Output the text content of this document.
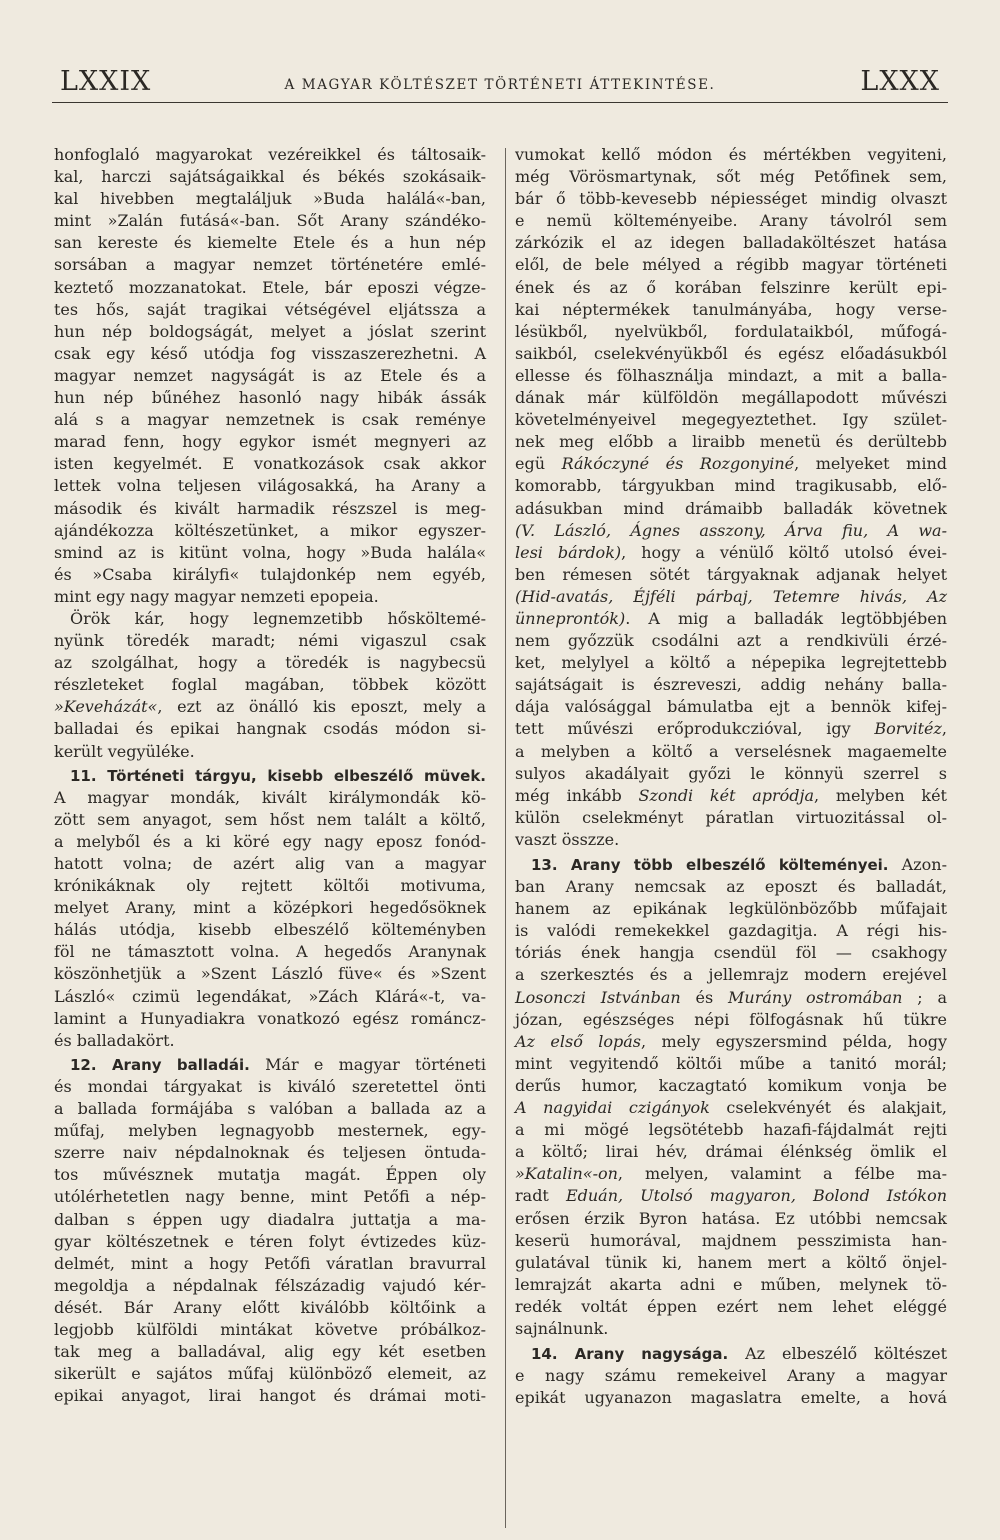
LXXIX	A MAGYAR KÖLTÉSZET TÖRTÉNETI ÁTTEKINTÉSE.	LXXX

honfoglaló magyarokat vezéreikkel és táltosaik-

kal, harczi sajátságaikkal és békés szokásaik-

kal hivebben megtaláljuk »Buda halálá«-ban,

mint »Zalán futásá«-ban. Sőt Arany szándéko-

san kereste és kiemelte Etele és a hun nép

sorsában a magyar nemzet történetére emlé-

keztető mozzanatokat. Etele, bár eposzi végze-

tes hős, saját tragikai vétségével eljátssza a

hun nép boldogságát, melyet a jóslat szerint

csak egy késő utódja fog visszaszerezhetni. A

magyar nemzet nagyságát is az Etele és a

hun nép bűnéhez hasonló nagy hibák ássák

alá s a magyar nemzetnek is csak reménye

marad fenn, hogy egykor ismét megnyeri az

isten kegyelmét. E vonatkozások csak akkor

lettek volna teljesen világosakká, ha Arany a

második és kivált harmadik részszel is meg-

ajándékozza költészetünket, a mikor egyszer-

smind az is kitünt volna, hogy »Buda halála«

és »Csaba királyfi« tulajdonkép nem egyéb,

mint egy nagy magyar nemzeti epopeia.

Örök kár, hogy legnemzetibb hősköltemé-

nyünk töredék maradt; némi vigaszul csak

az szolgálhat, hogy a töredék is nagybecsü

részleteket foglal magában, többek között

»Keveházát«, ezt az önálló kis eposzt, mely a

balladai és epikai hangnak csodás módon si-

került vegyüléke.

11. Történeti tárgyu, kisebb elbeszélő müvek.

A magyar mondák, kivált királymondák kö-

zött sem anyagot, sem hőst nem talált a költő,

a melyből és a ki köré egy nagy eposz fonód-

hatott volna; de azért alig van a magyar

krónikáknak oly rejtett költői motivuma,

melyet Arany, mint a középkori hegedősöknek

hálás utódja, kisebb elbeszélő költeményben

föl ne támasztott volna. A hegedős Aranynak

köszönhetjük a »Szent László füve« és »Szent

László« czimü legendákat, »Zách Klárá«-t, va-

lamint a Hunyadiakra vonatkozó egész románcz-

és balladakört.

12. Arany balladái. Már e magyar történeti

és mondai tárgyakat is kiváló szeretettel önti

a ballada formájába s valóban a ballada az a

műfaj, melyben legnagyobb mesternek, egy-

szerre naiv népdalnoknak és teljesen öntuda-

tos művésznek mutatja magát. Éppen oly

utólérhetetlen nagy benne, mint Petőfi a nép-

dalban s éppen ugy diadalra juttatja a ma-

gyar költészetnek e téren folyt évtizedes küz-

delmét, mint a hogy Petőfi váratlan bravurral

megoldja a népdalnak félszázadig vajudó kér-

dését. Bár Arany előtt kiválóbb költőink a

legjobb külföldi mintákat követve próbálkoz-

tak meg a balladával, alig egy két esetben

sikerült e sajátos műfaj különböző elemeit, az

epikai anyagot, lirai hangot és drámai moti-

vumokat kellő módon és mértékben vegyiteni,

még Vörösmartynak, sőt még Petőfinek sem,

bár ő több-kevesebb népiességet mindig olvaszt

e nemü költeményeibe. Arany távolról sem

zárkózik el az idegen balladaköltészet hatása

elől, de bele mélyed a régibb magyar történeti

ének és az ő korában felszinre került epi-

kai néptermékek tanulmányába, hogy verse-

lésükből, nyelvükből, fordulataikból, műfogá-

saikból, cselekvényükből és egész előadásukból

ellesse és fölhasználja mindazt, a mit a balla-

dának már külföldön megállapodott művészi

követelményeivel megegyeztethet. Igy szület-

nek meg előbb a liraibb menetü és derültebb

egü Rákóczyné és Rozgonyiné, melyeket mind

komorabb, tárgyukban mind tragikusabb, elő-

adásukban mind drámaibb balladák követnek

(V. László, Ágnes asszony, Árva fiu, A wa-

lesi bárdok), hogy a vénülő költő utolsó évei-

ben rémesen sötét tárgyaknak adjanak helyet

(Hid-avatás, Éjféli párbaj, Tetemre hivás, Az

ünneprontók). A mig a balladák legtöbbjében

nem győzzük csodálni azt a rendkivüli érzé-

ket, melylyel a költő a népepika legrejtettebb

sajátságait is észreveszi, addig nehány balla-

dája valósággal bámulatba ejt a bennök kifej-

tett művészi erőprodukczióval, igy Borvitéz,

a melyben a költő a verselésnek magaemelte

sulyos akadályait győzi le könnyü szerrel s

még inkább Szondi két apródja, melyben két

külön cselekményt páratlan virtuozitással ol-

vaszt összze.

13. Arany több elbeszélő költeményei. Azon-

ban Arany nemcsak az eposzt és balladát,

hanem az epikának legkülönbözőbb műfajait

is valódi remekekkel gazdagitja. A régi his-

tóriás ének hangja csendül föl — csakhogy

a szerkesztés és a jellemrajz modern erejével

Losonczi Istvánban és Murány ostromában ; a

józan, egészséges népi fölfogásnak hű tükre

Az első lopás, mely egyszersmind példa, hogy

mint vegyitendő költői műbe a tanitó morál;

derűs humor, kaczagtató komikum vonja be

A nagyidai czigányok cselekvényét és alakjait,

a mi mögé legsötétebb hazafi-fájdalmát rejti

a költő; lirai hév, drámai élénkség ömlik el

»Katalin«-on, melyen, valamint a félbe ma-

radt Eduán, Utolsó magyaron, Bolond Istókon

erősen érzik Byron hatása. Ez utóbbi nemcsak

keserü humorával, majdnem pesszimista han-

gulatával tünik ki, hanem mert a költő önjel-

lemrajzát akarta adni e műben, melynek tö-

redék voltát éppen ezért nem lehet eléggé

sajnálnunk.

14. Arany nagysága. Az elbeszélő költészet

e nagy számu remekeivel Arany a magyar

epikát ugyanazon magaslatra emelte, a hová
